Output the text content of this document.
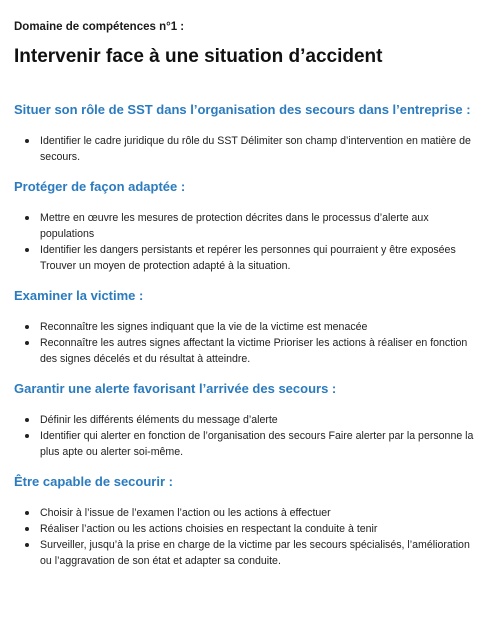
Domaine de compétences n°1 :
Intervenir face à une situation d’accident
Situer son rôle de SST dans l’organisation des secours dans l’entreprise :
Identifier le cadre juridique du rôle du SST Délimiter son champ d’intervention en matière de secours.
Protéger de façon adaptée :
Mettre en œuvre les mesures de protection décrites dans le processus d’alerte aux populations
Identifier les dangers persistants et repérer les personnes qui pourraient y être exposées Trouver un moyen de protection adapté à la situation.
Examiner la victime :
Reconnaître les signes indiquant que la vie de la victime est menacée
Reconnaître les autres signes affectant la victime Prioriser les actions à réaliser en fonction des signes décelés et du résultat à atteindre.
Garantir une alerte favorisant l’arrivée des secours :
Définir les différents éléments du message d’alerte
Identifier qui alerter en fonction de l’organisation des secours Faire alerter par la personne la plus apte ou alerter soi-même.
Être capable de secourir :
Choisir à l’issue de l’examen l’action ou les actions à effectuer
Réaliser l’action ou les actions choisies en respectant la conduite à tenir
Surveiller, jusqu’à la prise en charge de la victime par les secours spécialisés, l’amélioration ou l’aggravation de son état et adapter sa conduite.
